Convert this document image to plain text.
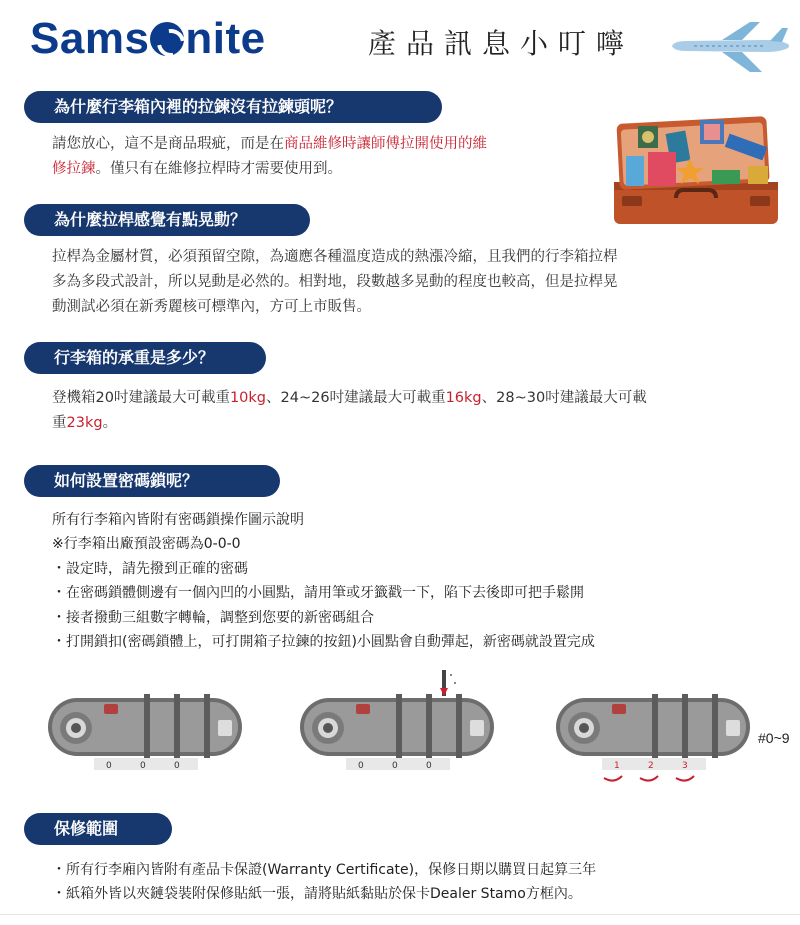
Sams nite	產品訊息小叮嚀
為什麼行李箱內裡的拉鍊沒有拉鍊頭呢？
請您放心，這不是商品瑕疵，而是在商品維修時讓師傅拉開使用的維
修拉鍊。僅只有在維修拉桿時才需要使用到。
為什麼拉桿感覺有點晃動？
拉桿為金屬材質，必須預留空隙，為適應各種溫度造成的熱漲冷縮，且我們的行李箱拉桿
多為多段式設計，所以晃動是必然的。相對地，段數越多晃動的程度也較高，但是拉桿晃
動測試必須在新秀麗核可標準內，方可上市販售。
行李箱的承重是多少？
登機箱20吋建議最大可載重10kg、24~26吋建議最大可載重16kg、28~30吋建議最大可載
重23kg。
如何設置密碼鎖呢？
所有行李箱內皆附有密碼鎖操作圖示說明
※行李箱出廠預設密碼為0-0-0
・設定時，請先撥到正確的密碼
・在密碼鎖體側邊有一個內凹的小圓點，請用筆或牙籤戳一下，陷下去後即可把手鬆開
・接者撥動三組數字轉輪，調整到您要的新密碼組合
・打開鎖扣(密碼鎖體上，可打開箱子拉鍊的按鈕)小圓點會自動彈起，新密碼就設置完成
0	0	0	0	0	0	1	2	3
#0~9
保修範圍
・所有行李廂內皆附有產品卡保證(Warranty Certificate)，保修日期以購買日起算三年
・紙箱外皆以夾鏈袋裝附保修貼紙一張，請將貼紙黏貼於保卡Dealer Stamo方框內。
